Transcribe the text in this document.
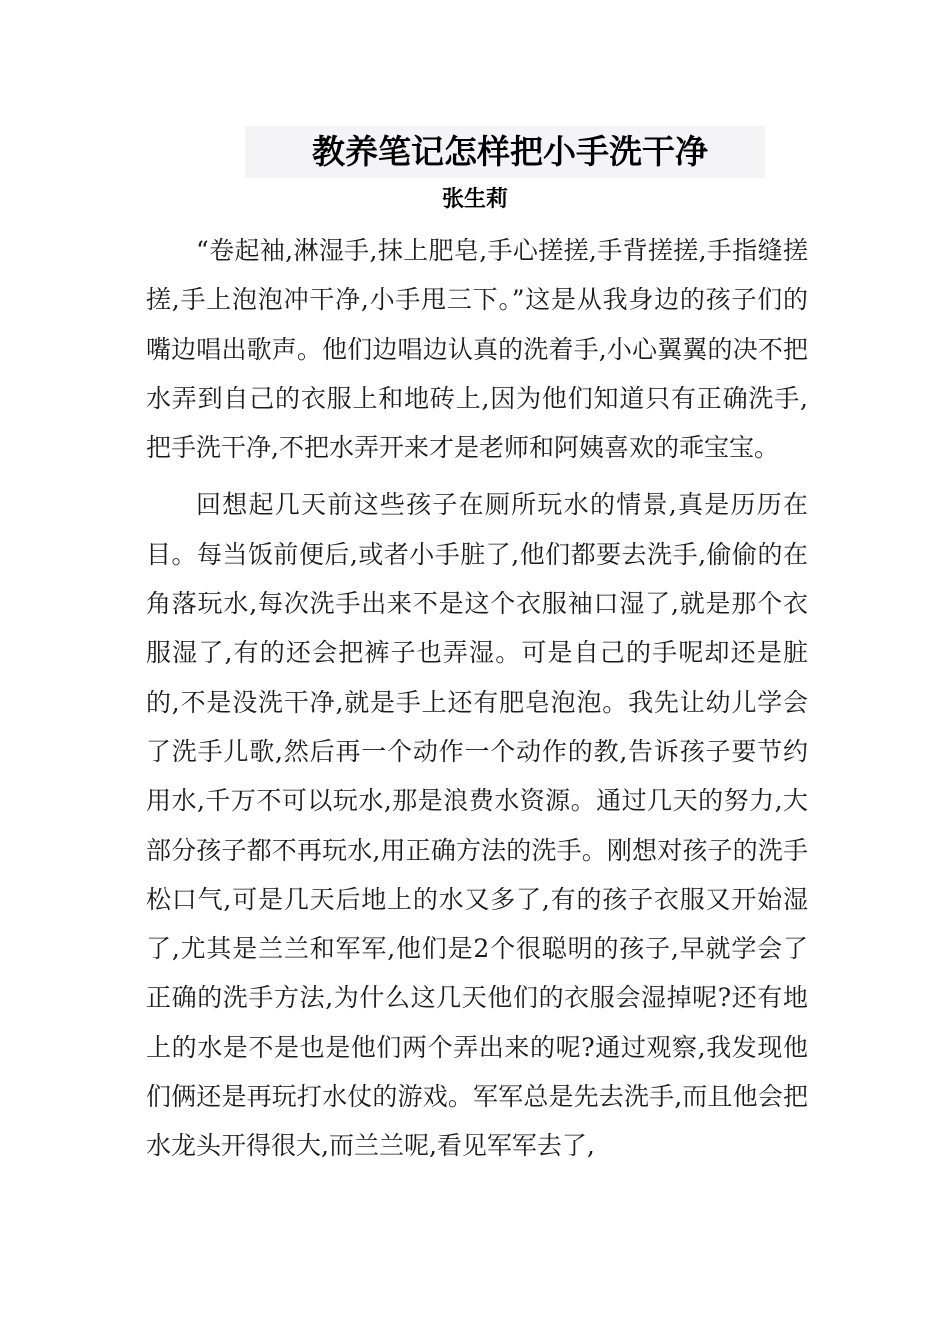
教养笔记怎样把小手洗干净
张生莉

“卷起袖,淋湿手,抹上肥皂,手心搓搓,手背搓搓,手指缝搓搓,手上泡泡冲干净,小手甩三下。”这是从我身边的孩子们的嘴边唱出歌声。他们边唱边认真的洗着手,小心翼翼的决不把水弄到自己的衣服上和地砖上,因为他们知道只有正确洗手,把手洗干净,不把水弄开来才是老师和阿姨喜欢的乖宝宝。

回想起几天前这些孩子在厕所玩水的情景,真是历历在目。每当饭前便后,或者小手脏了,他们都要去洗手,偷偷的在角落玩水,每次洗手出来不是这个衣服袖口湿了,就是那个衣服湿了,有的还会把裤子也弄湿。可是自己的手呢却还是脏的,不是没洗干净,就是手上还有肥皂泡泡。我先让幼儿学会了洗手儿歌,然后再一个动作一个动作的教,告诉孩子要节约用水,千万不可以玩水,那是浪费水资源。通过几天的努力,大部分孩子都不再玩水,用正确方法的洗手。刚想对孩子的洗手松口气,可是几天后地上的水又多了,有的孩子衣服又开始湿了,尤其是兰兰和军军,他们是2个很聪明的孩子,早就学会了正确的洗手方法,为什么这几天他们的衣服会湿掉呢?还有地上的水是不是也是他们两个弄出来的呢?通过观察,我发现他们俩还是再玩打水仗的游戏。军军总是先去洗手,而且他会把水龙头开得很大,而兰兰呢,看见军军去了,
